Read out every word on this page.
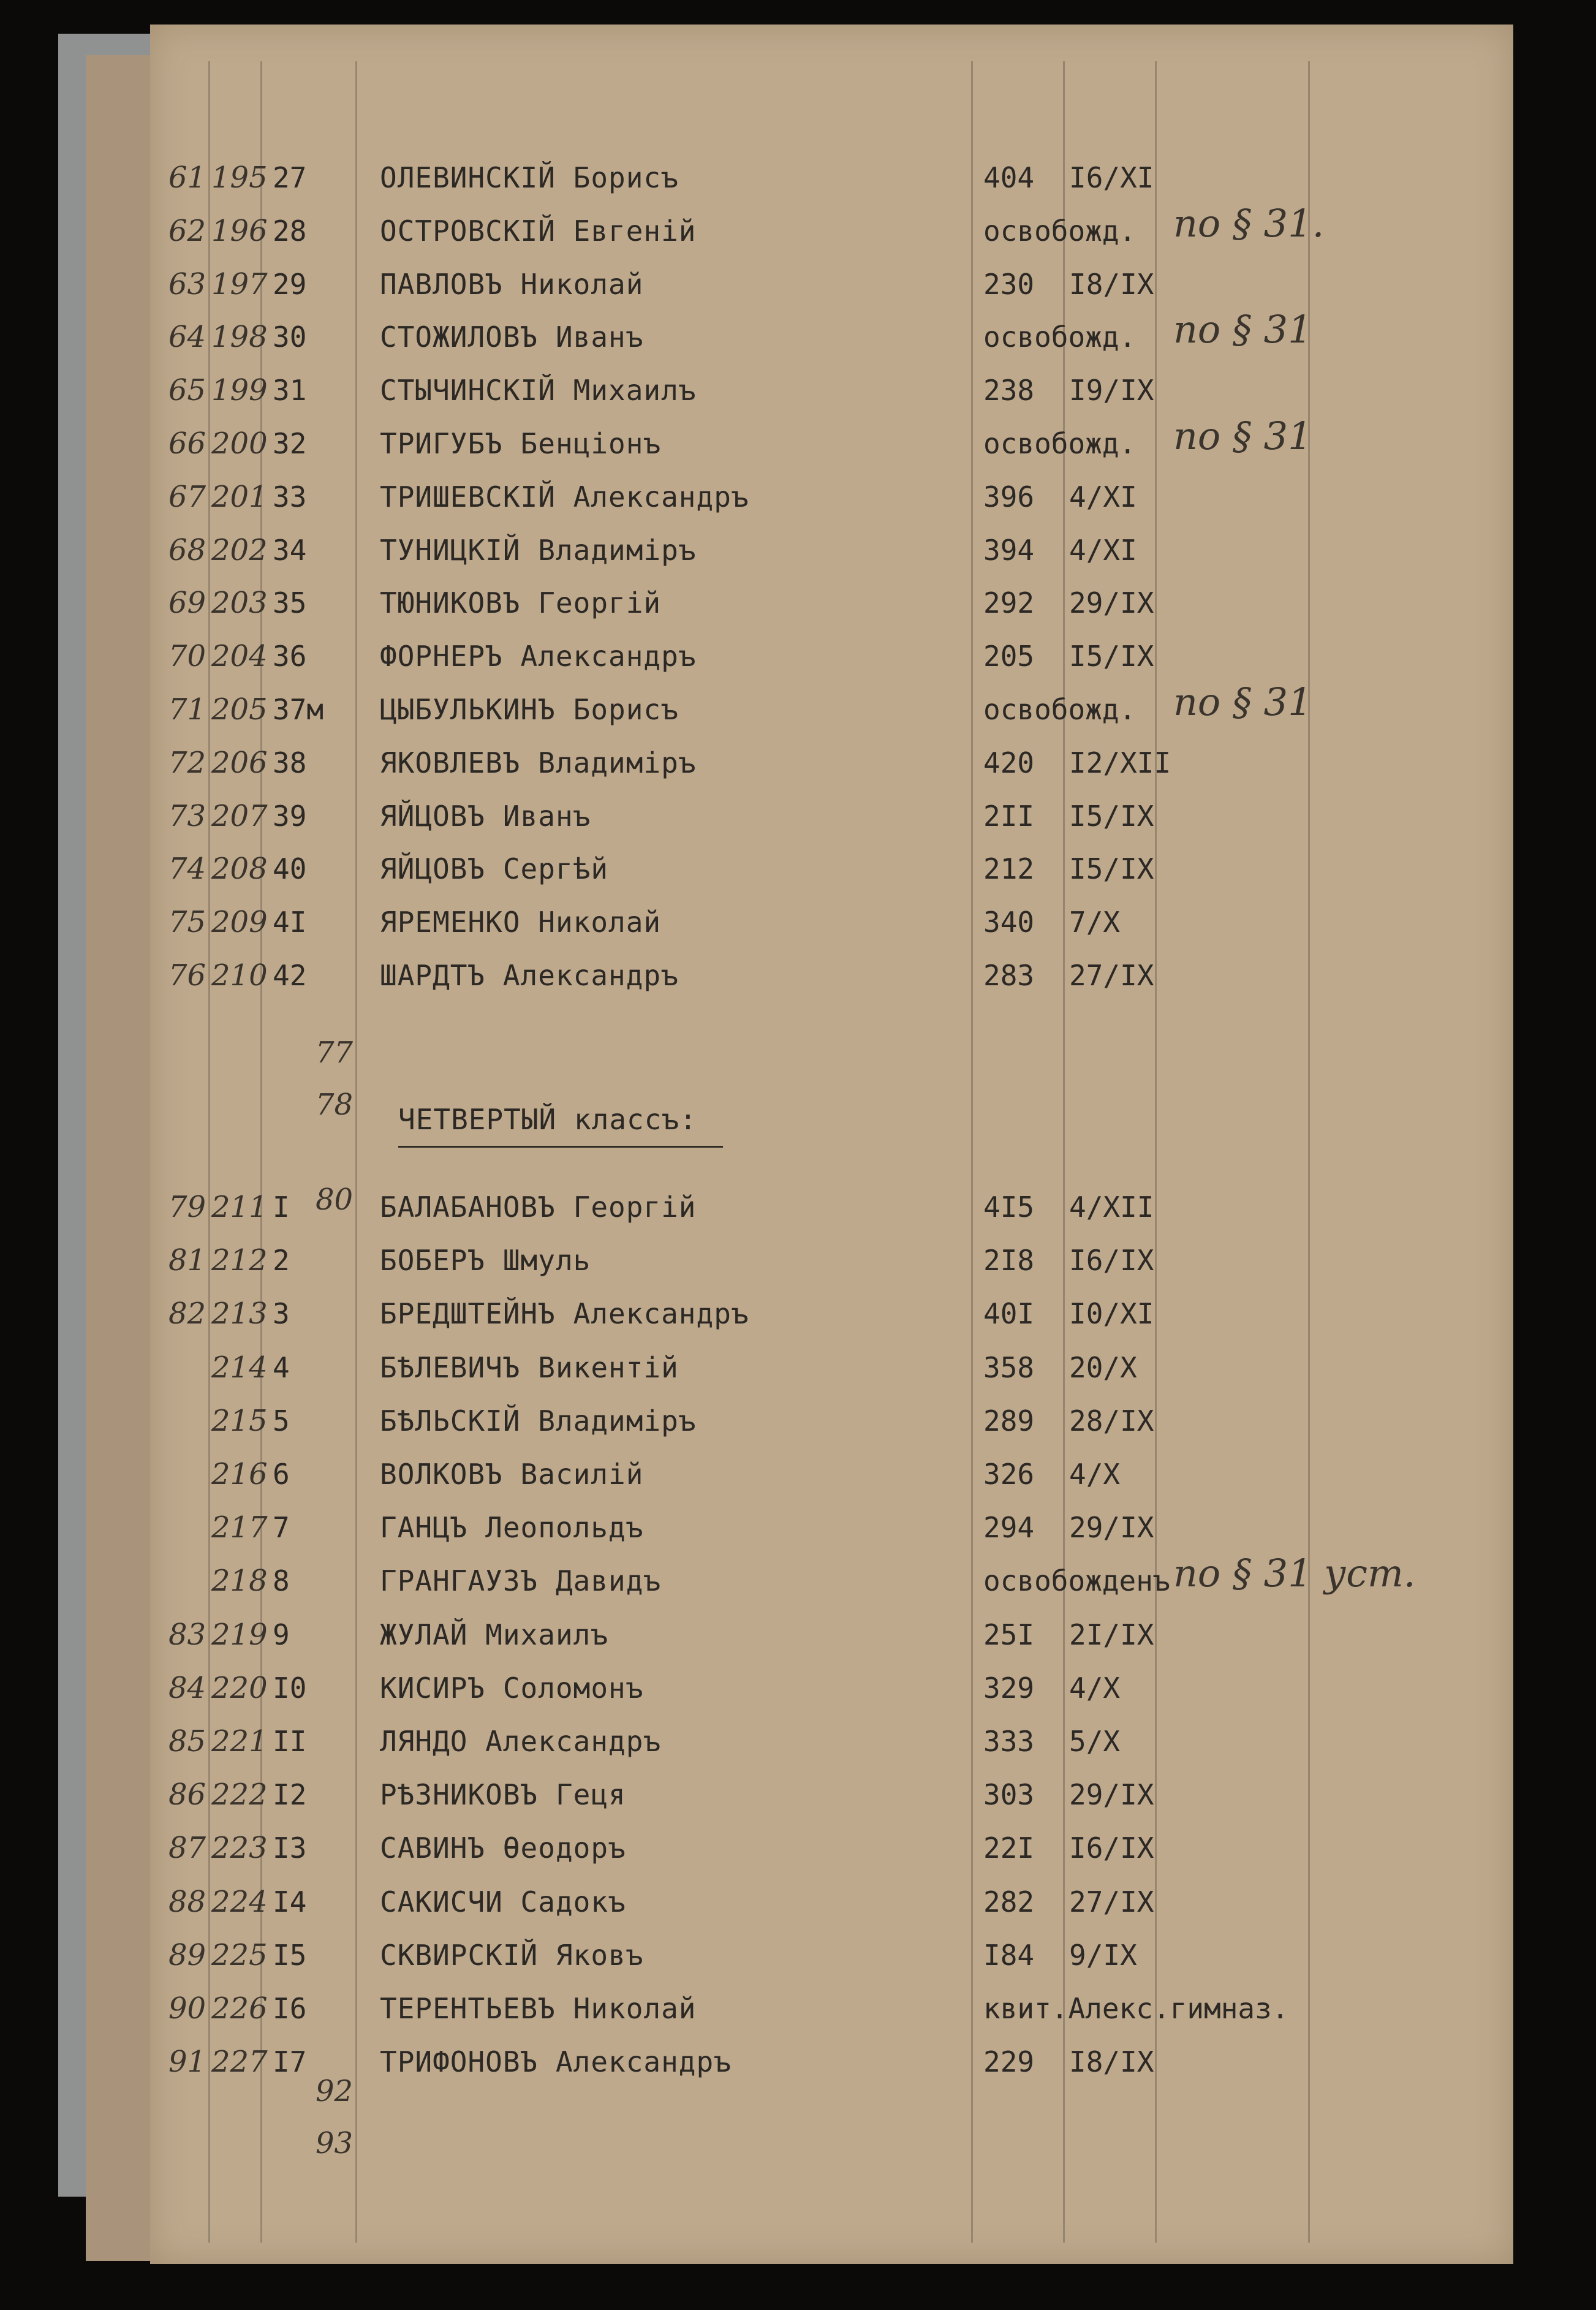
61 195 27	ОЛЕВИНСКІЙ Борисъ	404 I6/XI
62 196 28	ОСТРОВСКІЙ Евгеній	освобожд. по § 31.
63 197 29	ПАВЛОВЪ Николай	230 I8/IX
64 198 30	СТОЖИЛОВЪ Иванъ	освобожд. по § 31
65 199 31	СТЫЧИНСКІЙ Михаилъ	238 I9/IX
66 200 32	ТРИГУБЪ Бенціонъ	освобожд. по § 31
67 201 33	ТРИШЕВСКІЙ Александръ	396 4/XI
68 202 34	ТУНИЦКІЙ Владиміръ	394 4/XI
69 203 35	ТЮНИКОВЪ Георгій	292 29/IX
70 204 36	ФОРНЕРЪ Александръ	205 I5/IX
71 205 37м ЦЫБУЛЬКИНЪ Борисъ	освобожд. по § 31
72 206 38	ЯКОВЛЕВЪ Владиміръ	420 I2/XII
73 207 39	ЯЙЦОВЪ Иванъ	2II I5/IX
74 208 40	ЯЙЦОВЪ Сергѣй	212 I5/IX
75 209 4I	ЯРЕМЕНКО Николай	340 7/X
76 210 42	ШАРДТЪ Александръ	283 27/IX
ЧЕТВЕРТЫЙ классъ:
79 211 I	БАЛАБАНОВЪ Георгій	4I5 4/XII
81 212 2	БОБЕРЪ Шмуль	2I8 I6/IX
82 213 3	БРЕДШТЕЙНЪ Александръ	40I I0/XI
214 4	БѢЛЕВИЧЪ Викентій	358 20/X
215 5	БѢЛЬСКІЙ Владиміръ	289 28/IX
216 6	ВОЛКОВЪ Василій	326 4/X
217 7	ГАНЦЪ Леопольдъ	294 29/IX
218 8	ГРАНГАУЗЪ Давидъ	освобожденъ по § 31 уст.
83 219 9	ЖУЛАЙ Михаилъ	25I 2I/IX
84 220 I0	КИСИРЪ Соломонъ	329 4/X
85 221 II	ЛЯНДО Александръ	333 5/X
86 222 I2	РѢЗНИКОВЪ Геця	303 29/IX
87 223 I3	САВИНЪ Ѳеодоръ	22I I6/IX
88 224 I4	САКИСЧИ Садокъ	282 27/IX
89 225 I5	СКВИРСКІЙ Яковъ	I84 9/IX
90 226 I6	ТЕРЕНТЬЕВЪ Николай	квит.Алекс.гимназ.
91 227 I7	ТРИФОНОВЪ Александръ	229 I8/IX
77
78
80
92
93
